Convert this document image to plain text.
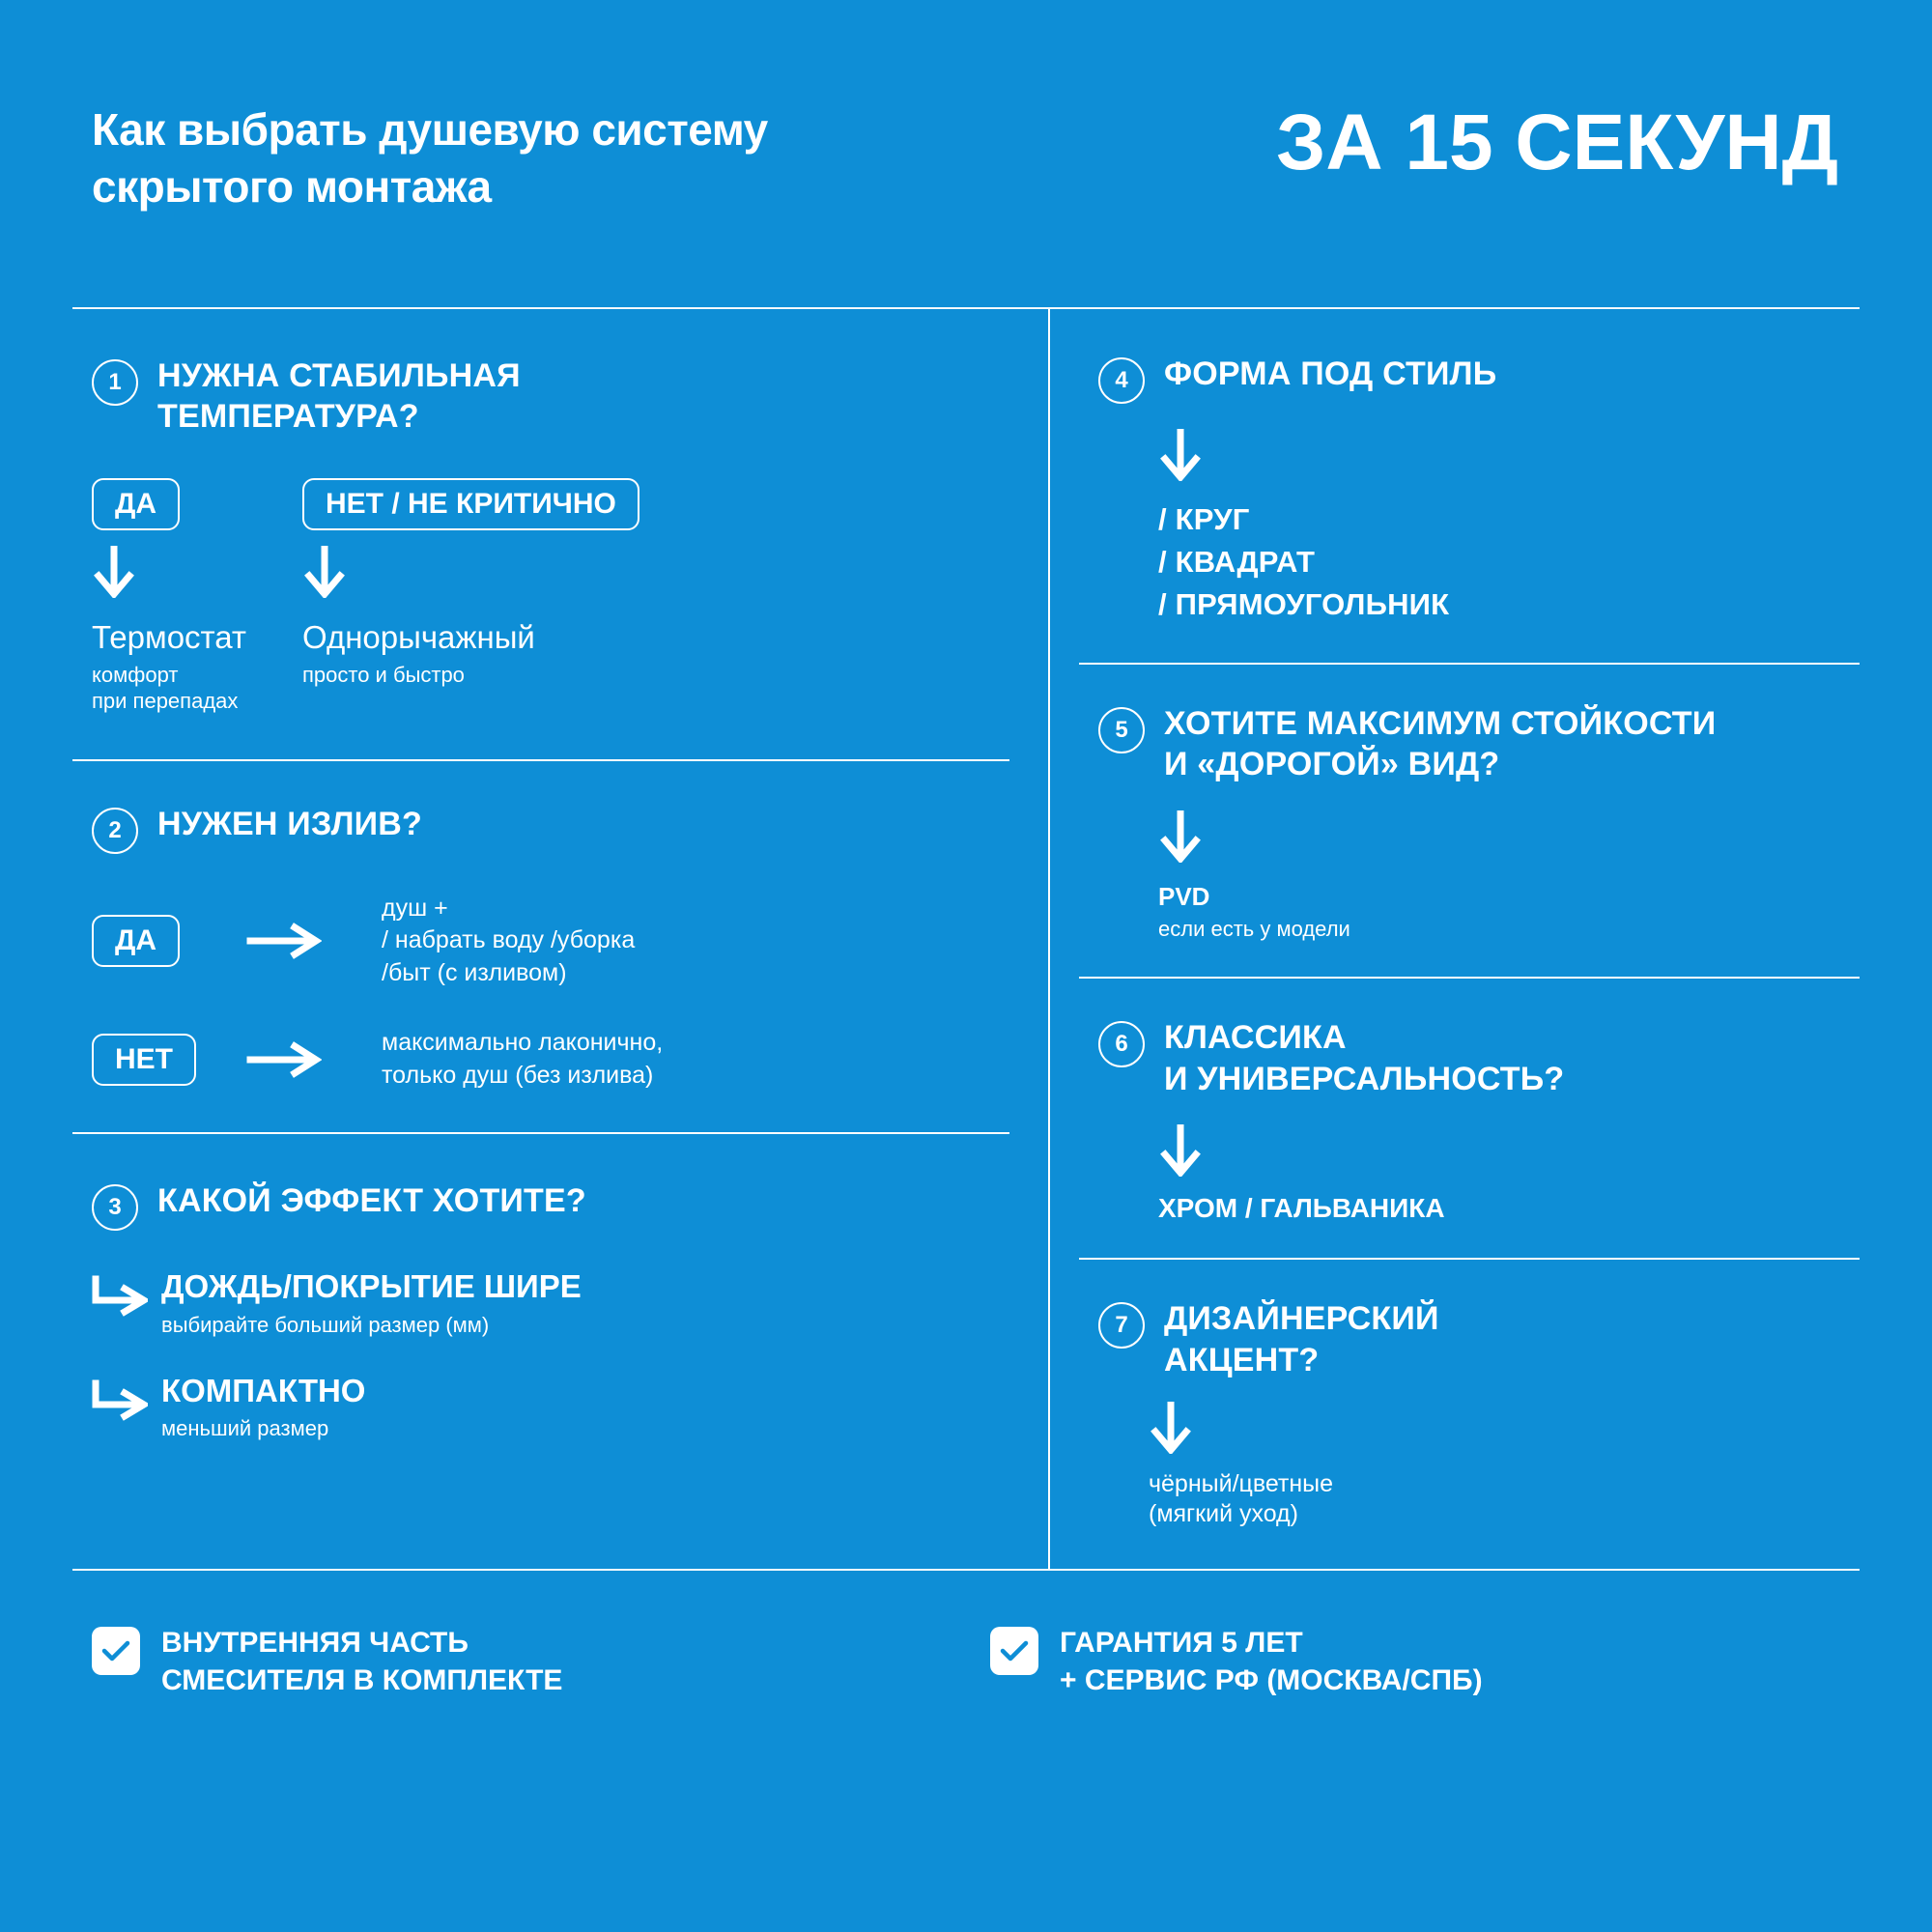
Как выбрать душевую систему
скрытого монтажа	ЗА 15 СЕКУНД
1	НУЖНА СТАБИЛЬНАЯ
ТЕМПЕРАТУРА?
ДА	НЕТ / НЕ КРИТИЧНО
Термостат
комфорт
при перепадах
Однорычажный
просто и быстро
2	НУЖЕН ИЗЛИВ?
ДА
душ +
/ набрать воду /уборка
/быт (с изливом)
НЕТ
максимально лаконично,
только душ (без излива)
3	КАКОЙ ЭФФЕКТ ХОТИТЕ?
ДОЖДЬ/ПОКРЫТИЕ ШИРЕ
выбирайте больший размер (мм)
КОМПАКТНО
меньший размер
4	ФОРМА ПОД СТИЛЬ
/ КРУГ
/ КВАДРАТ
/ ПРЯМОУГОЛЬНИК
5	ХОТИТЕ МАКСИМУМ СТОЙКОСТИ
И «ДОРОГОЙ» ВИД?
PVD
если есть у модели
6	КЛАССИКА
И УНИВЕРСАЛЬНОСТЬ?
ХРОМ / ГАЛЬВАНИКА
7	ДИЗАЙНЕРСКИЙ
АКЦЕНТ?
чёрный/цветные
(мягкий уход)
ВНУТРЕННЯЯ ЧАСТЬ
СМЕСИТЕЛЯ В КОМПЛЕКТЕ
ГАРАНТИЯ 5 ЛЕТ
+ СЕРВИС РФ (МОСКВА/СПБ)
